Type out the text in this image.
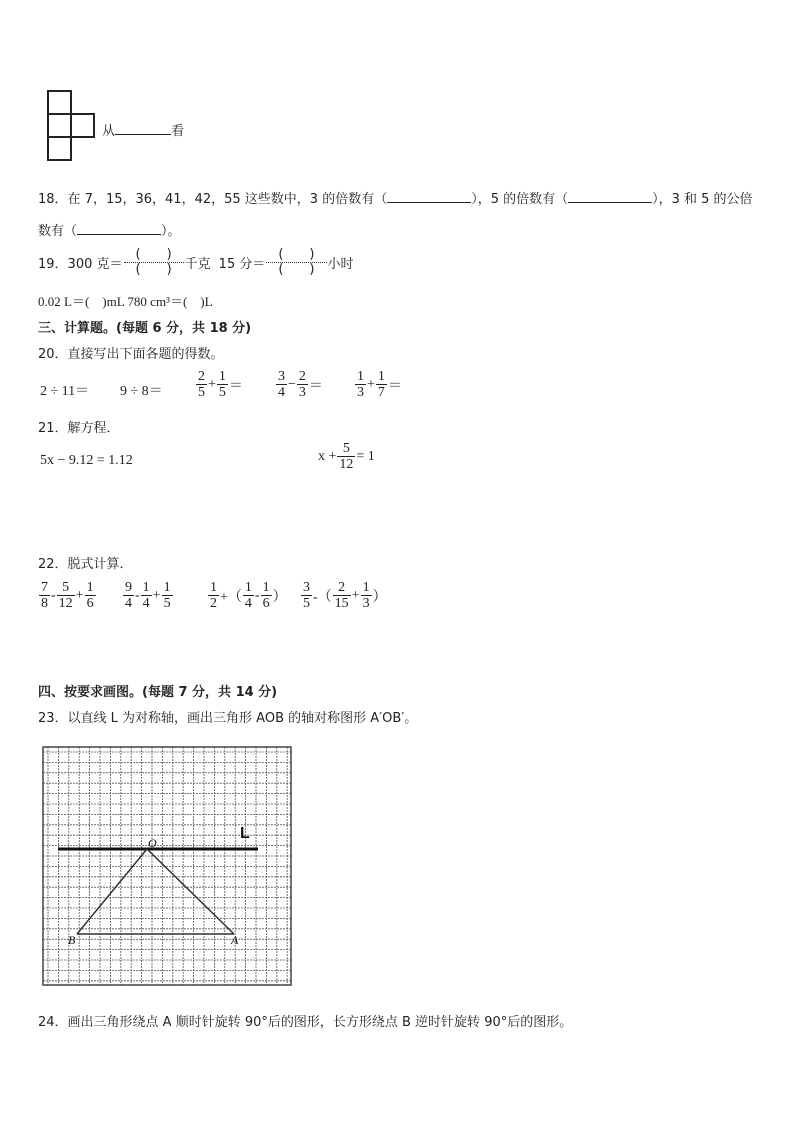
从	看
18．在 7，15，36，41，42，55 这些数中，3 的倍数有（	），5 的倍数有（	），3 和 5 的公倍
数有（	）。
19．300 克＝ $\frac{( )}{( )}$ 千克 15 分＝ $\frac{( )}{( )}$ 小时
0.02 L＝(　)mL 780 cm³＝(　)L
三、计算题。(每题 6 分，共 18 分)
20．直接写出下面各题的得数。
$2 \div 11= 9 \div 8= \frac{2}{5} + \frac{1}{5} = \frac{3}{4} - \frac{2}{3} = \frac{1}{3} + \frac{1}{7}$ ＝
21．解方程．
5x − 9.12 = 1.12	$x + \frac{5}{12} = 1$
22．脱式计算．
$\frac{7}{8} - \frac{5}{12} + \frac{1}{6} \frac{9}{4} - \frac{1}{4} + \frac{1}{5}$	$\frac{1}{2}$ +（ $\frac{1}{4} - \frac{1}{6}$ ） $\frac{3}{5}$ -（ $\frac{2}{15} + \frac{1}{3}$ ）
四、按要求画图。(每题 7 分，共 14 分)
23．以直线 L 为对称轴，画出三角形 AOB 的轴对称图形 A′OB′。
L
O
B	A
24．画出三角形绕点 A 顺时针旋转 90°后的图形，长方形绕点 B 逆时针旋转 90°后的图形。
